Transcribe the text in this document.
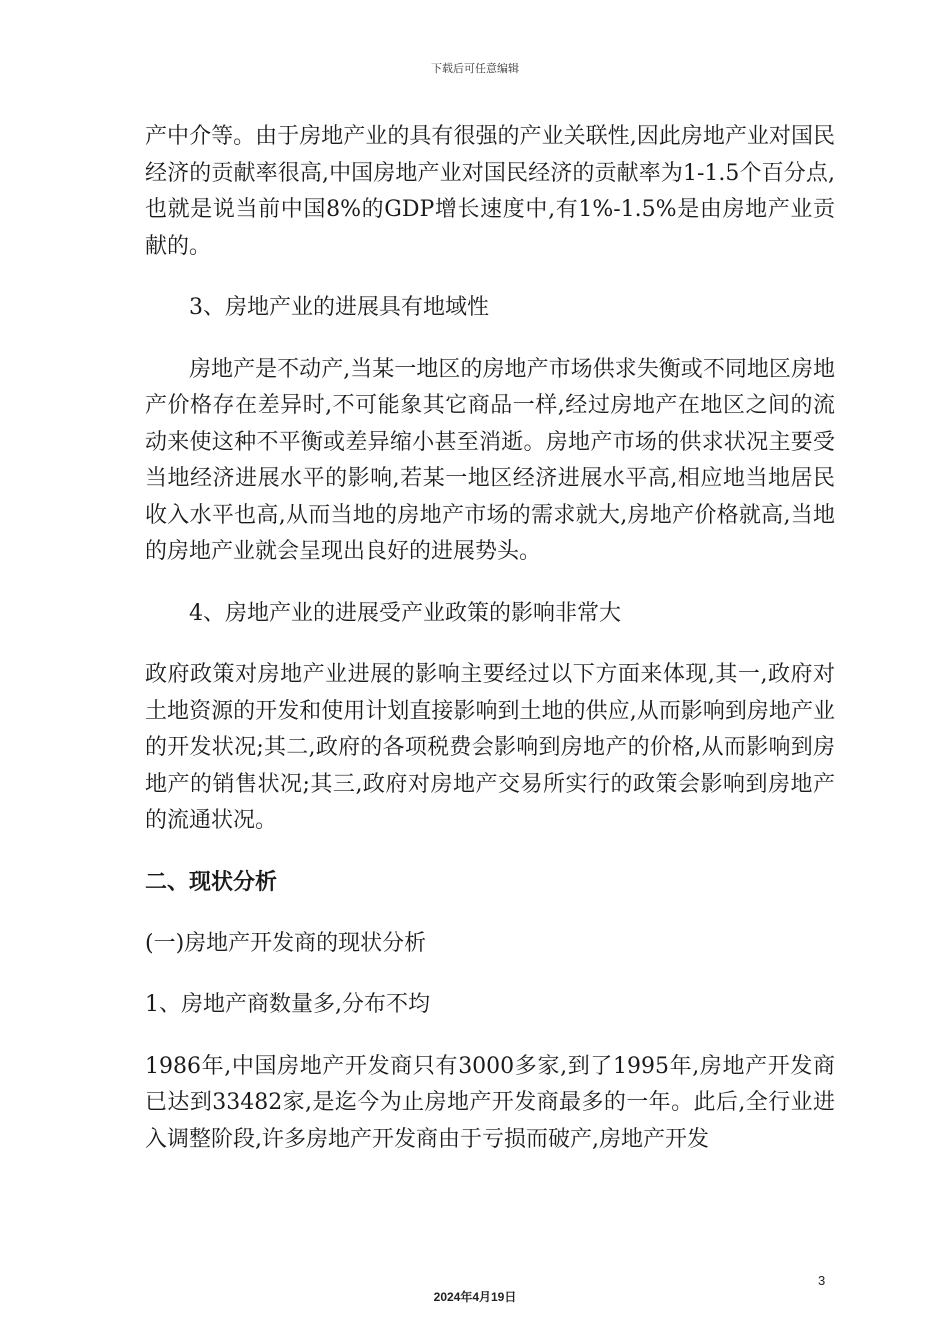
下载后可任意编辑

产中介等。由于房地产业的具有很强的产业关联性,因此房地产业对国民经济的贡献率很高,中国房地产业对国民经济的贡献率为1-1.5个百分点,也就是说当前中国8%的GDP增长速度中,有1%-1.5%是由房地产业贡献的。

3、房地产业的进展具有地域性

房地产是不动产,当某一地区的房地产市场供求失衡或不同地区房地产价格存在差异时,不可能象其它商品一样,经过房地产在地区之间的流动来使这种不平衡或差异缩小甚至消逝。房地产市场的供求状况主要受当地经济进展水平的影响,若某一地区经济进展水平高,相应地当地居民收入水平也高,从而当地的房地产市场的需求就大,房地产价格就高,当地的房地产业就会呈现出良好的进展势头。

4、房地产业的进展受产业政策的影响非常大

政府政策对房地产业进展的影响主要经过以下方面来体现,其一,政府对土地资源的开发和使用计划直接影响到土地的供应,从而影响到房地产业的开发状况;其二,政府的各项税费会影响到房地产的价格,从而影响到房地产的销售状况;其三,政府对房地产交易所实行的政策会影响到房地产的流通状况。

二、现状分析

(一)房地产开发商的现状分析

1、房地产商数量多,分布不均

1986年,中国房地产开发商只有3000多家,到了1995年,房地产开发商已达到33482家,是迄今为止房地产开发商最多的一年。此后,全行业进入调整阶段,许多房地产开发商由于亏损而破产,房地产开发

3
2024年4月19日
